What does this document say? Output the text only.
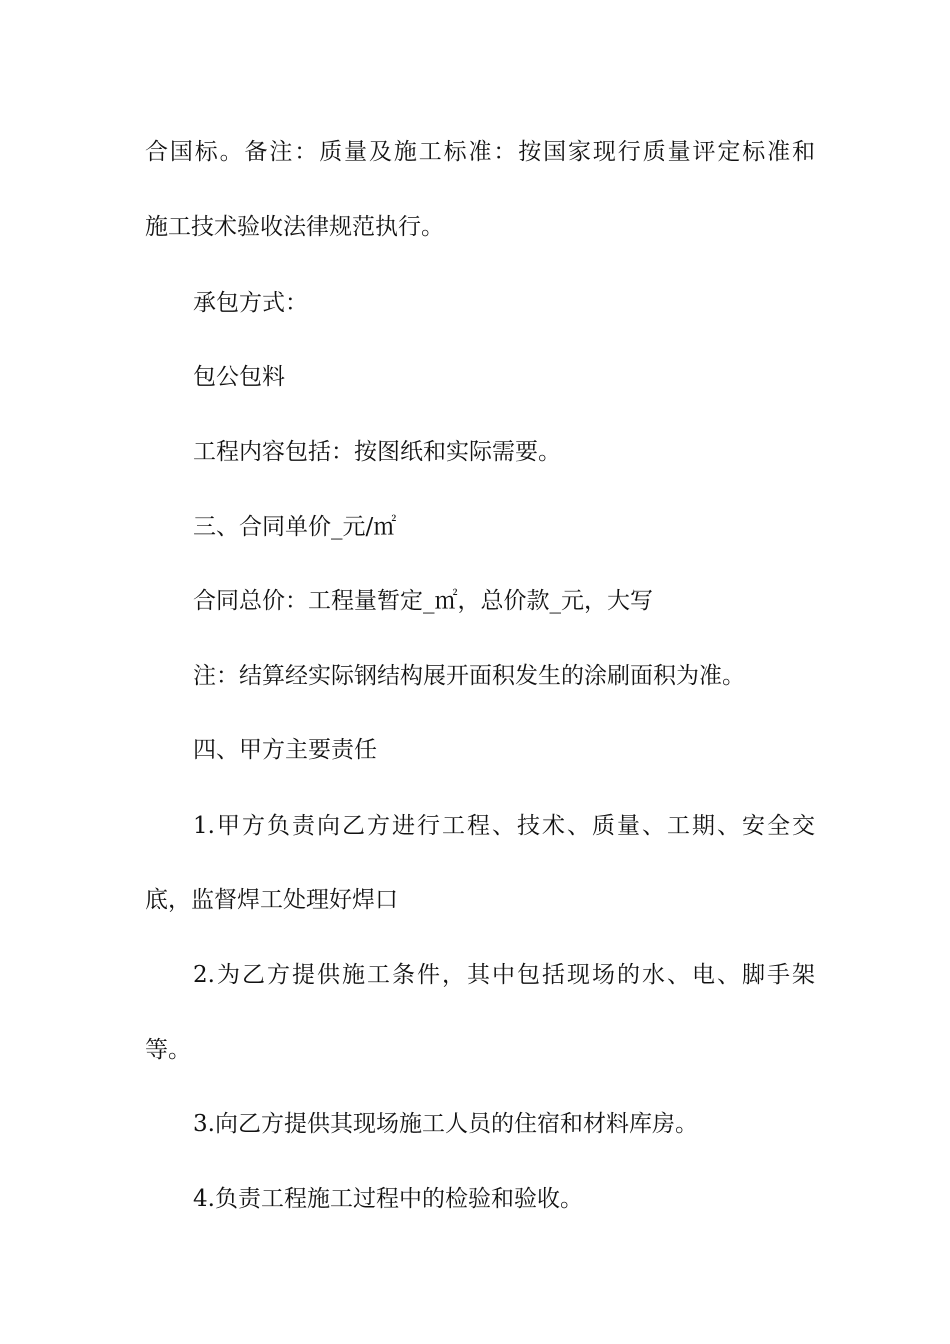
合国标。备注：质量及施工标准：按国家现行质量评定标准和
施工技术验收法律规范执行。
承包方式：
包公包料
工程内容包括：按图纸和实际需要。
三、合同单价_元/㎡
合同总价：工程量暂定_㎡，总价款_元，大写
注：结算经实际钢结构展开面积发生的涂刷面积为准。
四、甲方主要责任
1.甲方负责向乙方进行工程、技术、质量、工期、安全交
底，监督焊工处理好焊口
2.为乙方提供施工条件，其中包括现场的水、电、脚手架
等。
3.向乙方提供其现场施工人员的住宿和材料库房。
4.负责工程施工过程中的检验和验收。
